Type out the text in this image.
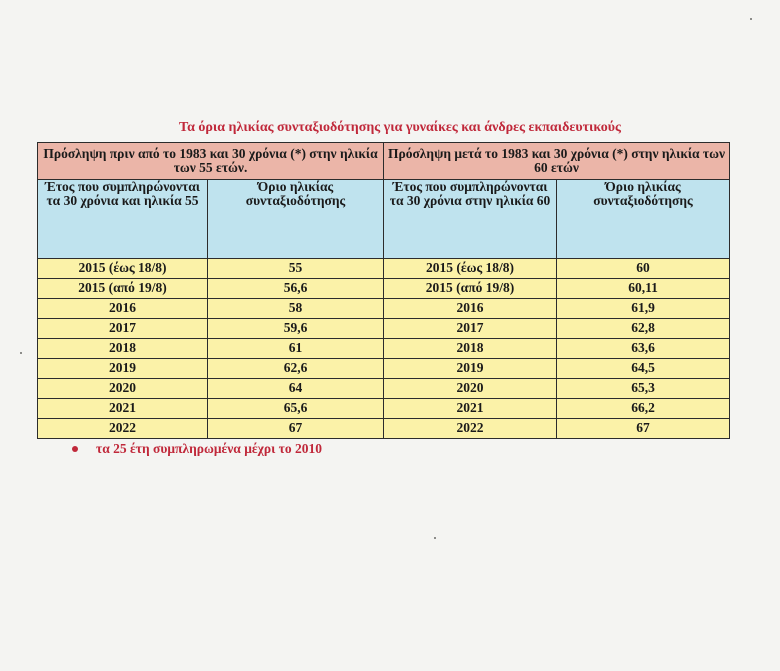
Τα όρια ηλικίας συνταξιοδότησης για γυναίκες και άνδρες εκπαιδευτικούς
Πρόσληψη πριν από το 1983 και 30 χρόνια (*) στην ηλικία των 55 ετών.		Πρόσληψη μετά το 1983 και 30 χρόνια (*) στην ηλικία των 60 ετών	
Έτος που συμπληρώνονται τα 30 χρόνια και ηλικία 55	Όριο ηλικίας συνταξιοδότησης	Έτος που συμπληρώνονται τα 30 χρόνια στην ηλικία 60	Όριο ηλικίας συνταξιοδότησης
2015 (έως 18/8)	55	2015 (έως 18/8)	60
2015 (από 19/8)	56,6	2015 (από 19/8)	60,11
2016	58	2016	61,9
2017	59,6	2017	62,8
2018	61	2018	63,6
2019	62,6	2019	64,5
2020	64	2020	65,3
2021	65,6	2021	66,2
2022	67	2022	67
τα 25 έτη συμπληρωμένα μέχρι το 2010
